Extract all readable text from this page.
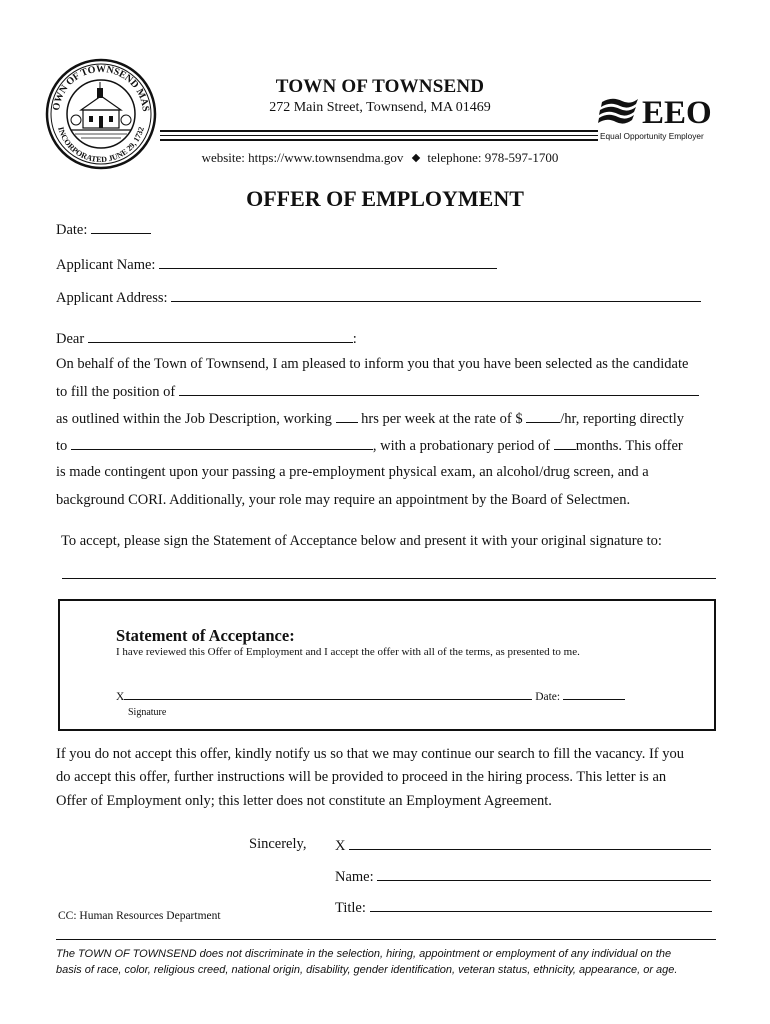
OWN OF TOWNSEND MAS
INCORPORATED JUNE 29, 1732
TOWN OF TOWNSEND
272 Main Street, Townsend, MA 01469	EEO
Equal Opportunity Employer
website: https://www.townsendma.gov telephone: 978-597-1700
OFFER OF EMPLOYMENT
Date:
Applicant Name:
Applicant Address:
Dear	:
On behalf of the Town of Townsend, I am pleased to inform you that you have been selected as the candidate
to fill the position of
as outlined within the Job Description, working hrs per week at the rate of $	/hr, reporting directly
to	, with a probationary period of months. This offer
is made contingent upon your passing a pre-employment physical exam, an alcohol/drug screen, and a
background CORI. Additionally, your role may require an appointment by the Board of Selectmen.
To accept, please sign the Statement of Acceptance below and present it with your original signature to:
Statement of Acceptance:
I have reviewed this Offer of Employment and I accept the offer with all of the terms, as presented to me.
X	Date:
Signature
If you do not accept this offer, kindly notify us so that we may continue our search to fill the vacancy. If you
do accept this offer, further instructions will be provided to proceed in the hiring process. This letter is an
Offer of Employment only; this letter does not constitute an Employment Agreement.
Sincerely, X
Name:
Title:
CC: Human Resources Department
The TOWN OF TOWNSEND does not discriminate in the selection, hiring, appointment or employment of any individual on the
basis of race, color, religious creed, national origin, disability, gender identification, veteran status, ethnicity, appearance, or age.
